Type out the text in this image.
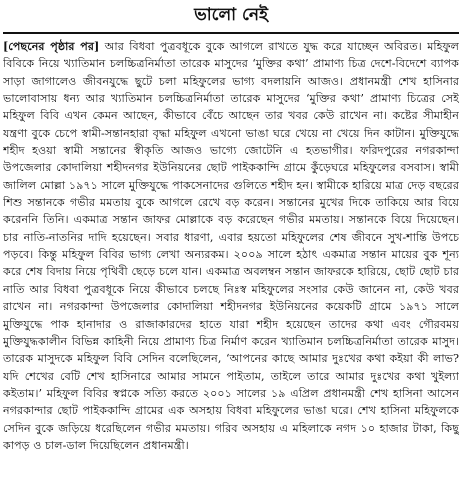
ভালো নেই

[পেছনের পৃষ্ঠার পর] আর বিধবা পুত্রবধূকে বুকে আগলে রাখতে যুদ্ধ করে যাচ্ছেন অবিরত। মহিফুল বিবিকে নিয়ে খ্যাতিমান চলচ্চিত্রনির্মাতা তারেক মাসুদের ‘মুক্তির কথা’ প্রামাণ্য চিত্র দেশে-বিদেশে ব্যাপক সাড়া জাগালেও জীবনযুদ্ধে ছুটে চলা মহিফুলের ভাগ্য বদলায়নি আজও। প্রধানমন্ত্রী শেখ হাসিনার ভালোবাসায় ধন্য আর খ্যাতিমান চলচ্চিত্রনির্মাতা তারেক মাসুদের ‘মুক্তির কথা’ প্রামাণ্য চিত্রের সেই মহিফুল বিবি এখন কেমন আছেন, কীভাবে বেঁচে আছেন তার খবর কেউ রাখেন না। কষ্টের সীমাহীন যন্ত্রণা বুকে চেপে স্বামী-সন্তানহারা বৃদ্ধা মহিফুল এখনো ভাঙা ঘরে খেয়ে না খেয়ে দিন কাটান। মুক্তিযুদ্ধে শহীদ হওয়া স্বামী সন্তানের স্বীকৃতি আজও ভাগ্যে জোটেনি এ হতভাগীর। ফরিদপুরের নগরকান্দা উপজেলার কোদালিয়া শহীদনগর ইউনিয়নের ছোট পাইককান্দি গ্রামে কুঁড়েঘরে মহিফুলের বসবাস। স্বামী জালিল মোল্লা ১৯৭১ সালে মুক্তিযুদ্ধে পাকসেনাদের গুলিতে শহীদ হন। স্বামীকে হারিয়ে মাত্র দেড় বছরের শিশু সন্তানকে গভীর মমতায় বুকে আগলে রেখে বড় করেন। সন্তানের মুখের দিকে তাকিয়ে আর বিয়ে করেননি তিনি। একমাত্র সন্তান জাফর মোল্লাকে বড় করেছেন গভীর মমতায়। সন্তানকে বিয়ে দিয়েছেন। চার নাতি-নাতনির দাদি হয়েছেন। সবার ধারণা, এবার হয়তো মহিফুলের শেষ জীবনে সুখ-শান্তি উপচে পড়বে। কিন্তু মহিফুল বিবির ভাগ্য লেখা অন্যরকম। ২০০৯ সালে হঠাৎ একমাত্র সন্তান মায়ের বুক শূন্য করে শেষ বিদায় নিয়ে পৃথিবী ছেড়ে চলে যান। একমাত্র অবলম্বন সন্তান জাফরকে হারিয়ে, ছোট ছোট চার নাতি আর বিধবা পুত্রবধূকে নিয়ে কীভাবে চলছে নিঃস্ব মহিফুলের সংসার কেউ জানেন না, কেউ খবর রাখেন না। নগরকান্দা উপজেলার কোদালিয়া শহীদনগর ইউনিয়নের কয়েকটি গ্রামে ১৯৭১ সালে মুক্তিযুদ্ধে পাক হানাদার ও রাজাকারদের হাতে যারা শহীদ হয়েছেন তাদের কথা এবং গৌরবময় মুক্তিযুদ্ধকালীন বিভিন্ন কাহিনী নিয়ে প্রামাণ্য চিত্র নির্মাণ করেন খ্যাতিমান চলচ্চিত্রনির্মাতা তারেক মাসুদ। তারেক মাসুদকে মহিফুল বিবি সেদিন বলেছিলেন, ‘আপনের কাছে আমার দুঃখের কথা কইয়া কী লাভ? যদি শেখের বেটি শেখ হাসিনারে আমার সামনে পাইতাম, তাইলে তারে আমার দুঃখের কথা খুইল্যা কইতাম।’ মহিফুল বিবির স্বপ্নকে সত্যি করতে ২০০১ সালের ১৯ এপ্রিল প্রধানমন্ত্রী শেখ হাসিনা আসেন নগরকান্দার ছোট পাইককান্দি গ্রামের এক অসহায় বিধবা মহিফুলের ভাঙা ঘরে। শেখ হাসিনা মহিফুলকে সেদিন বুকে জড়িয়ে ধরেছিলেন গভীর মমতায়। গরিব অসহায় এ মহিলাকে নগদ ১০ হাজার টাকা, কিছু কাপড় ও চাল-ডাল দিয়েছিলেন প্রধানমন্ত্রী।
